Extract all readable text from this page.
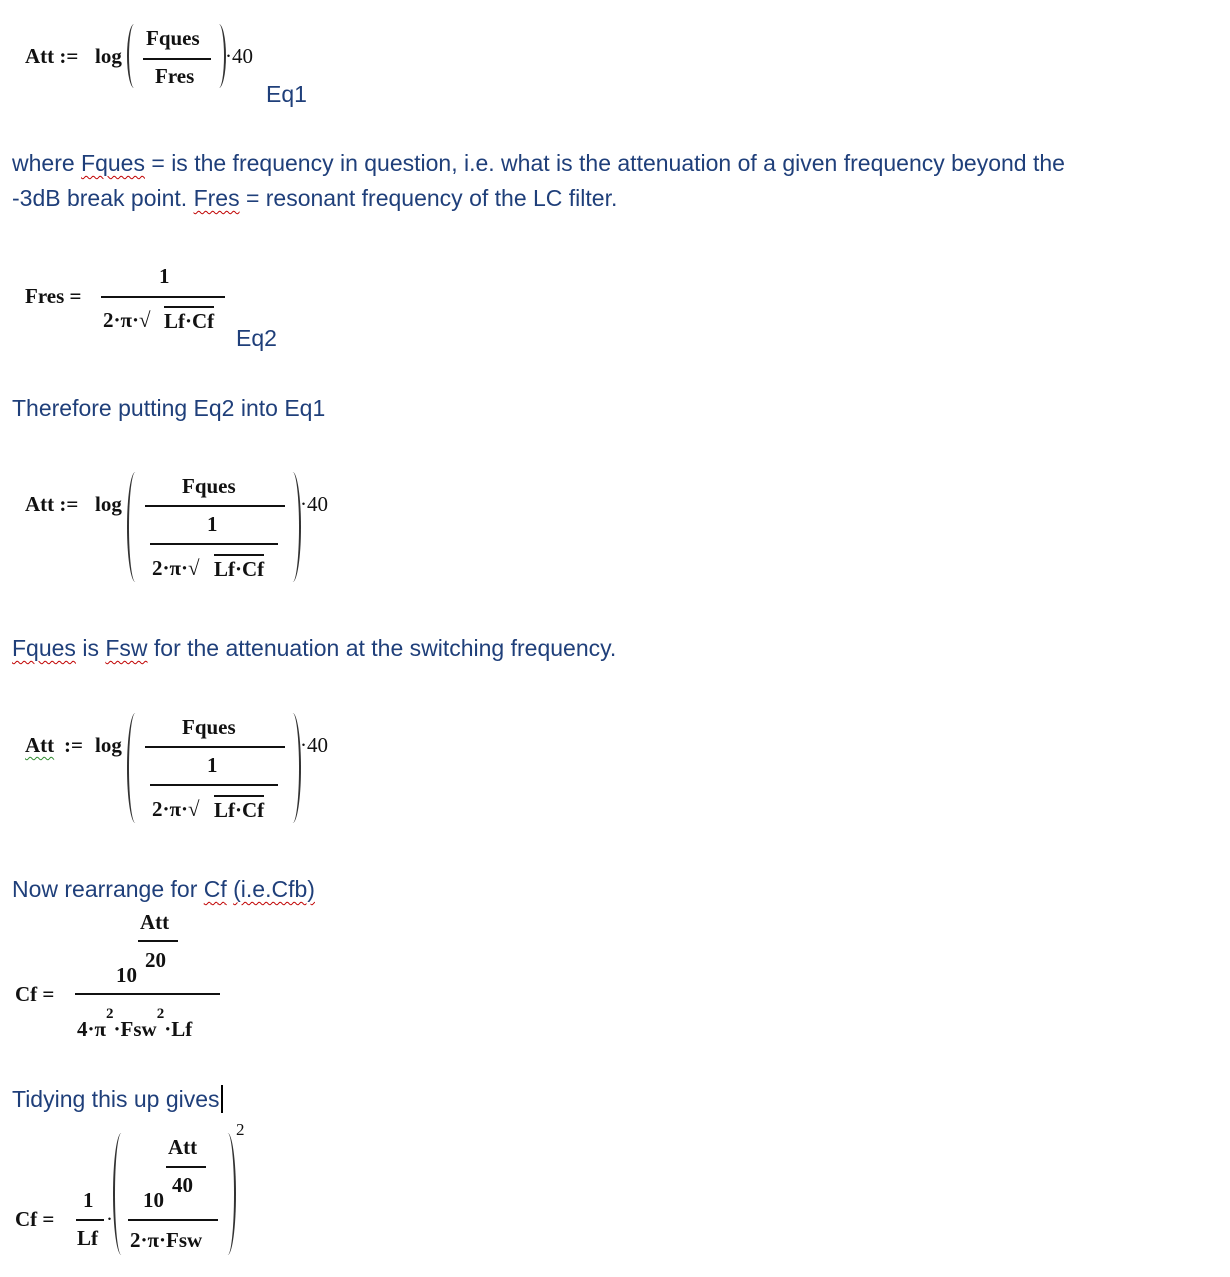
Att := log
Fques
Fres
·40
Eq1
where Fques = is the frequency in question, i.e. what is the attenuation of a given frequency beyond the
-3dB break point. Fres = resonant frequency of the LC filter.
Fres =
1
2·π·√ Lf·Cf
Eq2
Therefore putting Eq2 into Eq1
Att := log
Fques
1
2·π·√ Lf·Cf
·40
Fques is Fsw for the attenuation at the switching frequency.
Att := log
Fques
1
2·π·√ Lf·Cf
·40
Now rearrange for Cf (i.e.Cfb)
Att
20
10
Cf =
$4\cdot\pi^2\cdot Fsw^2\cdot Lf$
Tidying this up gives
Cf =
1
Lf
·
Att
40
10
2·π·Fsw
2
